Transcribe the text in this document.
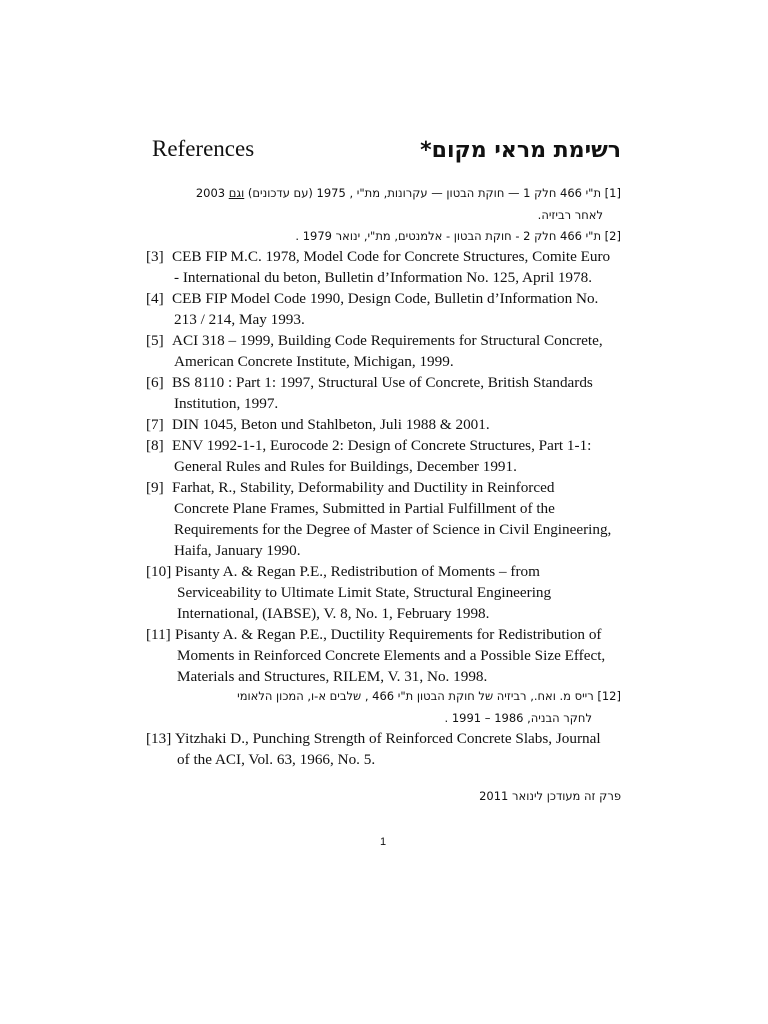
References	רשימת מראי מקום*
[1] ת"י 466 חלק 1 — חוקת הבטון — עקרונות, מת"י , 1975 (עם עדכונים) וגם 2003
לאחר רביזיה.
[2] ת"י 466 חלק 2 - חוקת הבטון - אלמנטים, מת"י, ינואר 1979 .
[3] CEB FIP M.C. 1978, Model Code for Concrete Structures, Comite Euro
- International du beton, Bulletin d’Information No. 125, April 1978.
[4] CEB FIP Model Code 1990, Design Code, Bulletin d’Information No.
213 / 214, May 1993.
[5] ACI 318 – 1999, Building Code Requirements for Structural Concrete,
American Concrete Institute, Michigan, 1999.
[6] BS 8110 : Part 1: 1997, Structural Use of Concrete, British Standards
Institution, 1997.
[7] DIN 1045, Beton und Stahlbeton, Juli 1988 & 2001.
[8] ENV 1992-1-1, Eurocode 2: Design of Concrete Structures, Part 1-1:
General Rules and Rules for Buildings, December 1991.
[9] Farhat, R., Stability, Deformability and Ductility in Reinforced
Concrete Plane Frames, Submitted in Partial Fulfillment of the
Requirements for the Degree of Master of Science in Civil Engineering,
Haifa, January 1990.
[10] Pisanty A. & Regan P.E., Redistribution of Moments – from
Serviceability to Ultimate Limit State, Structural Engineering
International, (IABSE), V. 8, No. 1, February 1998.
[11] Pisanty A. & Regan P.E., Ductility Requirements for Redistribution of
Moments in Reinforced Concrete Elements and a Possible Size Effect,
Materials and Structures, RILEM, V. 31, No. 1998.
[12] רייס מ. ואח., רביזיה של חוקת הבטון ת"י 466 , שלבים א-ו, המכון הלאומי
לחקר הבניה, 1986 – 1991 .
[13] Yitzhaki D., Punching Strength of Reinforced Concrete Slabs, Journal
of the ACI, Vol. 63, 1966, No. 5.
פרק זה מעודכן לינואר 2011
1
